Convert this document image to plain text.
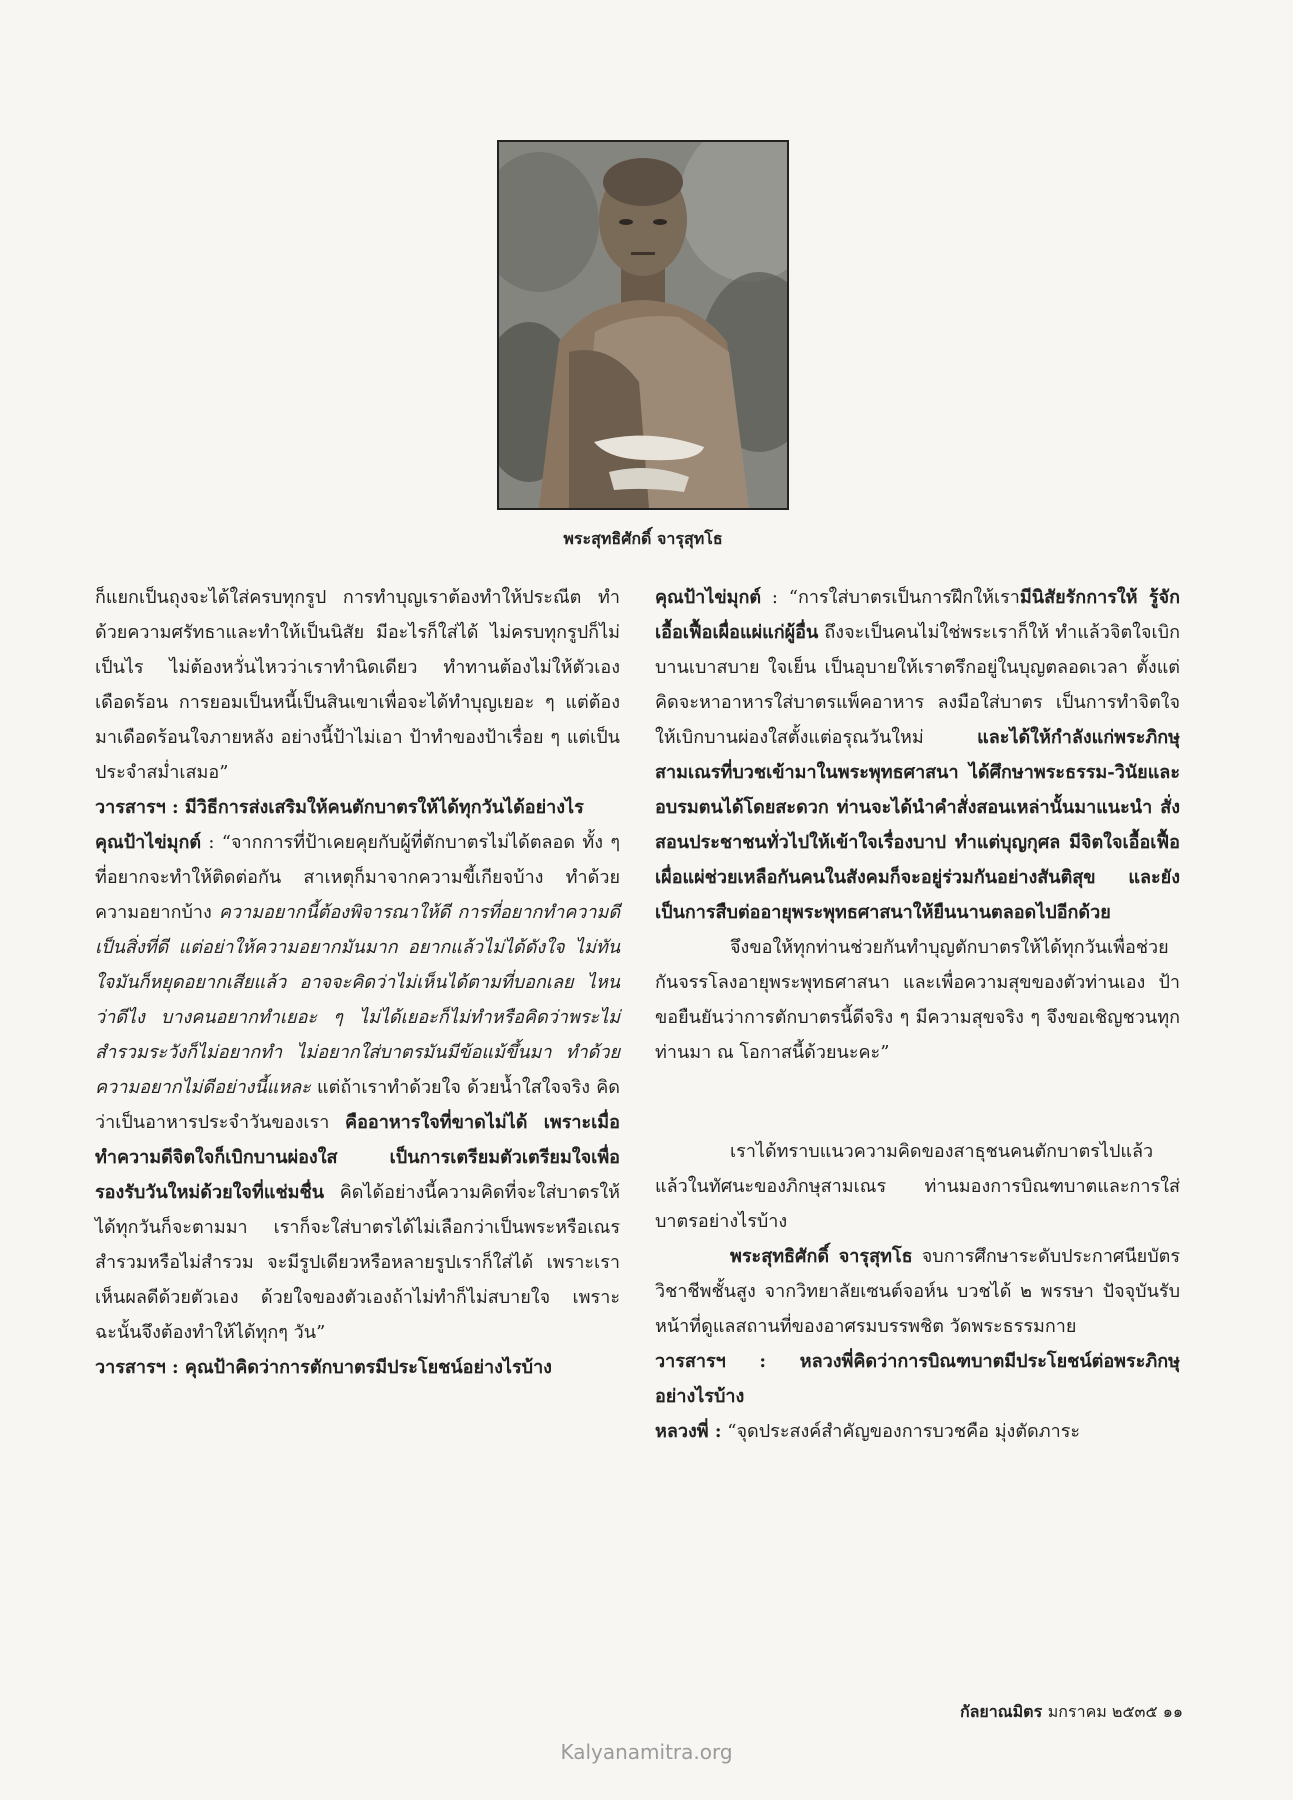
พระสุทธิศักดิ์ จารุสุทโธ

ก็แยกเป็นถุงจะได้ใส่ครบทุกรูป การทำบุญเราต้องทำให้ประณีต ทำด้วยความศรัทธาและทำให้เป็นนิสัย มีอะไรก็ใส่ได้ ไม่ครบทุกรูปก็ไม่เป็นไร ไม่ต้องหวั่นไหวว่าเราทำนิดเดียว ทำทานต้องไม่ให้ตัวเองเดือดร้อน การยอมเป็นหนี้เป็นสินเขาเพื่อจะได้ทำบุญเยอะ ๆ แต่ต้องมาเดือดร้อนใจภายหลัง อย่างนี้ป้าไม่เอา ป้าทำของป้าเรื่อย ๆ แต่เป็นประจำสม่ำเสมอ”

วารสารฯ : มีวิธีการส่งเสริมให้คนตักบาตรให้ได้ทุกวันได้อย่างไร

คุณป้าไข่มุกต์ : “จากการที่ป้าเคยคุยกับผู้ที่ตักบาตรไม่ได้ตลอด ทั้ง ๆ ที่อยากจะทำให้ติดต่อกัน สาเหตุก็มาจากความขี้เกียจบ้าง ทำด้วยความอยากบ้าง ความอยากนี้ต้องพิจารณาให้ดี การที่อยากทำความดีเป็นสิ่งที่ดี แต่อย่าให้ความอยากมันมาก อยากแล้วไม่ได้ดังใจ ไม่ทันใจมันก็หยุดอยากเสียแล้ว อาจจะคิดว่าไม่เห็นได้ตามที่บอกเลย ไหนว่าดีไง บางคนอยากทำเยอะ ๆ ไม่ได้เยอะก็ไม่ทำหรือคิดว่าพระไม่สำรวมระวังก็ไม่อยากทำ ไม่อยากใส่บาตรมันมีข้อแม้ขึ้นมา ทำด้วยความอยากไม่ดีอย่างนี้แหละ แต่ถ้าเราทำด้วยใจ ด้วยน้ำใสใจจริง คิดว่าเป็นอาหารประจำวันของเรา คืออาหารใจที่ขาดไม่ได้ เพราะเมื่อทำความดีจิตใจก็เบิกบานผ่องใส เป็นการเตรียมตัวเตรียมใจเพื่อรองรับวันใหม่ด้วยใจที่แช่มชื่น คิดได้อย่างนี้ความคิดที่จะใส่บาตรให้ได้ทุกวันก็จะตามมา เราก็จะใส่บาตรได้ไม่เลือกว่าเป็นพระหรือเณร สำรวมหรือไม่สำรวม จะมีรูปเดียวหรือหลายรูปเราก็ใส่ได้ เพราะเราเห็นผลดีด้วยตัวเอง ด้วยใจของตัวเองถ้าไม่ทำก็ไม่สบายใจ เพราะฉะนั้นจึงต้องทำให้ได้ทุกๆ วัน”

วารสารฯ : คุณป้าคิดว่าการตักบาตรมีประโยชน์อย่างไรบ้าง

คุณป้าไข่มุกต์ : “การใส่บาตรเป็นการฝึกให้เรามีนิสัยรักการให้ รู้จักเอื้อเฟื้อเผื่อแผ่แก่ผู้อื่น ถึงจะเป็นคนไม่ใช่พระเราก็ให้ ทำแล้วจิตใจเบิกบานเบาสบาย ใจเย็น เป็นอุบายให้เราตรึกอยู่ในบุญตลอดเวลา ตั้งแต่คิดจะหาอาหารใส่บาตรแพ็คอาหาร ลงมือใส่บาตร เป็นการทำจิตใจให้เบิกบานผ่องใสตั้งแต่อรุณวันใหม่ และได้ให้กำลังแก่พระภิกษุสามเณรที่บวชเข้ามาในพระพุทธศาสนา ได้ศึกษาพระธรรม-วินัยและอบรมตนได้โดยสะดวก ท่านจะได้นำคำสั่งสอนเหล่านั้นมาแนะนำ สั่งสอนประชาชนทั่วไปให้เข้าใจเรื่องบาป ทำแต่บุญกุศล มีจิตใจเอื้อเฟื้อเผื่อแผ่ช่วยเหลือกันคนในสังคมก็จะอยู่ร่วมกันอย่างสันติสุข และยังเป็นการสืบต่ออายุพระพุทธศาสนาให้ยืนนานตลอดไปอีกด้วย

จึงขอให้ทุกท่านช่วยกันทำบุญตักบาตรให้ได้ทุกวันเพื่อช่วยกันจรรโลงอายุพระพุทธศาสนา และเพื่อความสุขของตัวท่านเอง ป้าขอยืนยันว่าการตักบาตรนี้ดีจริง ๆ มีความสุขจริง ๆ จึงขอเชิญชวนทุกท่านมา ณ โอกาสนี้ด้วยนะคะ”

เราได้ทราบแนวความคิดของสาธุชนคนตักบาตรไปแล้ว แล้วในทัศนะของภิกษุสามเณร ท่านมองการบิณฑบาตและการใส่บาตรอย่างไรบ้าง

พระสุทธิศักดิ์ จารุสุทโธ จบการศึกษาระดับประกาศนียบัตรวิชาชีพชั้นสูง จากวิทยาลัยเซนต์จอห์น บวชได้ ๒ พรรษา ปัจจุบันรับหน้าที่ดูแลสถานที่ของอาศรมบรรพชิต วัดพระธรรมกาย

วารสารฯ : หลวงพี่คิดว่าการบิณฑบาตมีประโยชน์ต่อพระภิกษุอย่างไรบ้าง

หลวงพี่ : “จุดประสงค์สำคัญของการบวชคือ มุ่งตัดภาระ

กัลยาณมิตร มกราคม ๒๕๓๕ ๑๑
Kalyanamitra.org
